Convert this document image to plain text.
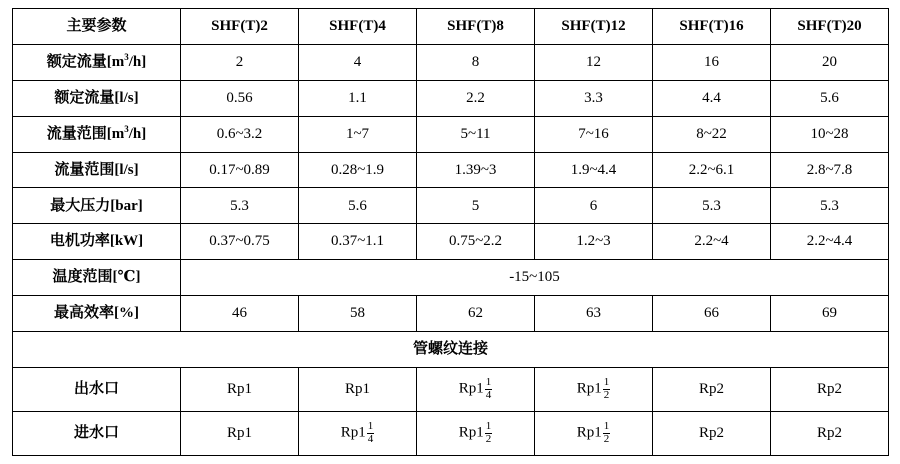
主要参数	SHF(T)2	SHF(T)4	SHF(T)8	SHF(T)12	SHF(T)16	SHF(T)20
额定流量$[m^3/h]$	2	4	8	12	16	20
额定流量[l/s]	0.56	1.1	2.2	3.3	4.4	5.6
流量范围$[m^3/h]$	0.6~3.2	1~7	5~11	7~16	8~22	10~28
流量范围[l/s]	0.17~0.89	0.28~1.9	1.39~3	1.9~4.4	2.2~6.1	2.8~7.8
最大压力[bar]	5.3	5.6	5	6	5.3	5.3
电机功率[kW]	0.37~0.75	0.37~1.1	0.75~2.2	1.2~3	2.2~4	2.2~4.4
温度范围[℃]	-15~105					
最高效率[%]	46	58	62	63	66	69
管螺纹连接						
出水口	Rp1	Rp1	$Rp1 \frac{1}{4}$	$Rp1 \frac{1}{2}$	Rp2	Rp2
进水口	Rp1	$Rp1 \frac{1}{4}$	$Rp1 \frac{1}{2}$	$Rp1 \frac{1}{2}$	Rp2	Rp2
